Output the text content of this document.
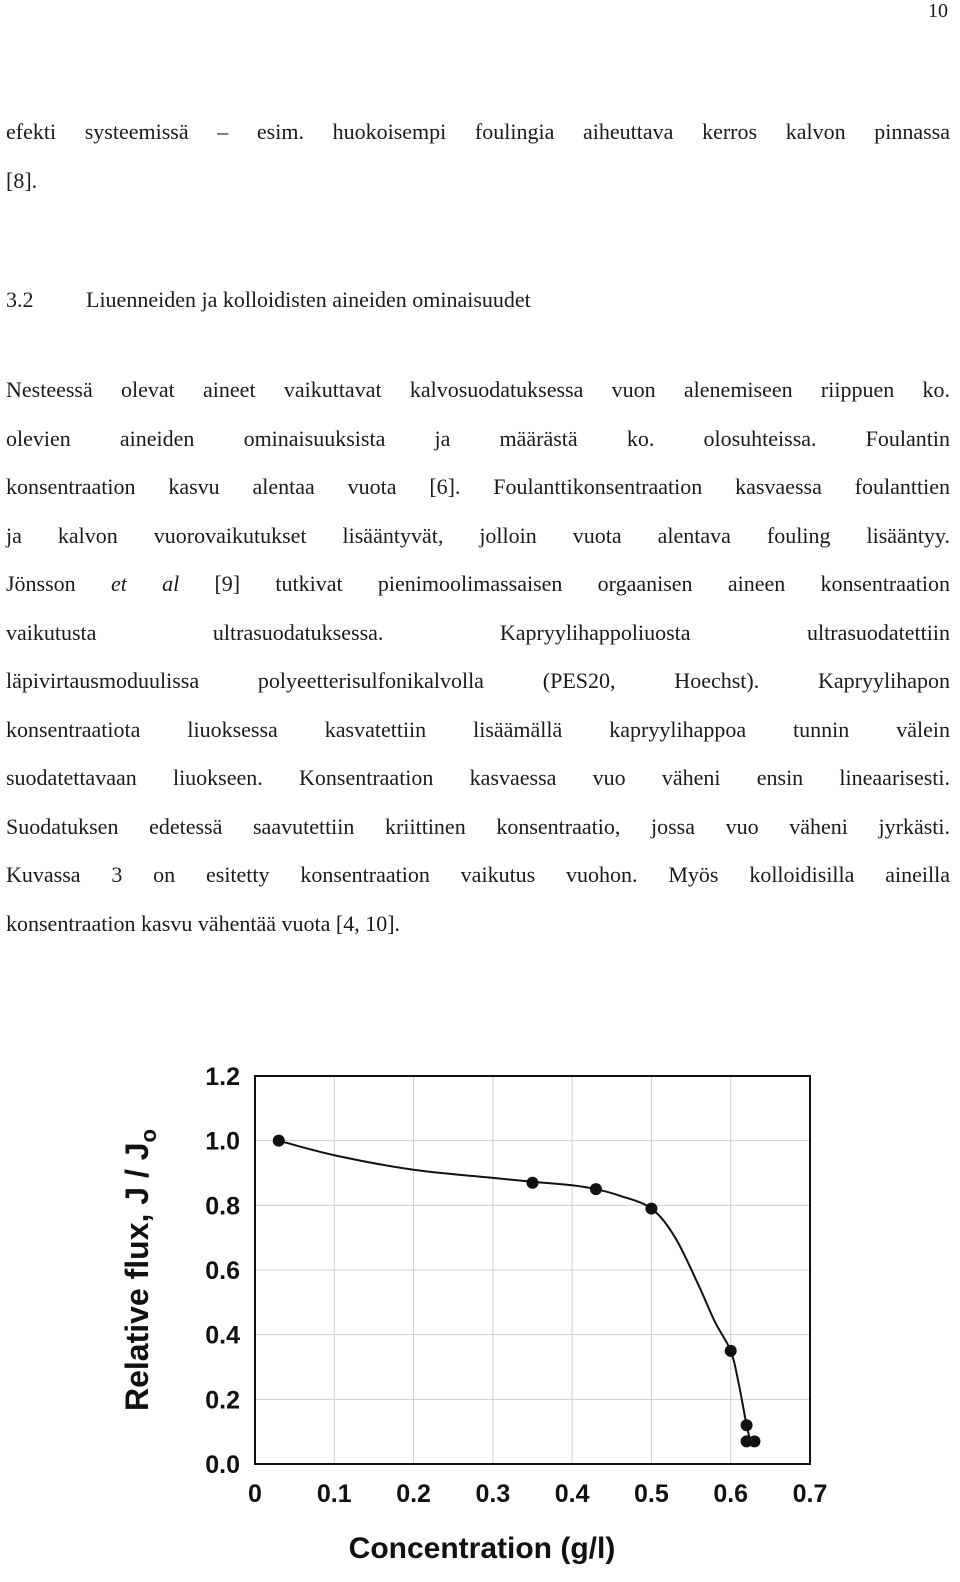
10
efekti systeemissä – esim. huokoisempi foulingia aiheuttava kerros kalvon pinnassa
[8].
3.2 Liuenneiden ja kolloidisten aineiden ominaisuudet
Nesteessä olevat aineet vaikuttavat kalvosuodatuksessa vuon alenemiseen riippuen ko.
olevien aineiden ominaisuuksista ja määrästä ko. olosuhteissa. Foulantin
konsentraation kasvu alentaa vuota [6]. Foulanttikonsentraation kasvaessa foulanttien
ja kalvon vuorovaikutukset lisääntyvät, jolloin vuota alentava fouling lisääntyy.
Jönsson et al [9] tutkivat pienimoolimassaisen orgaanisen aineen konsentraation
vaikutusta ultrasuodatuksessa. Kapryylihappoliuosta ultrasuodatettiin
läpivirtausmoduulissa polyeetterisulfonikalvolla (PES20, Hoechst). Kapryylihapon
konsentraatiota liuoksessa kasvatettiin lisäämällä kapryylihappoa tunnin välein
suodatettavaan liuokseen. Konsentraation kasvaessa vuo väheni ensin lineaarisesti.
Suodatuksen edetessä saavutettiin kriittinen konsentraatio, jossa vuo väheni jyrkästi.
Kuvassa 3 on esitetty konsentraation vaikutus vuohon. Myös kolloidisilla aineilla
konsentraation kasvu vähentää vuota [4, 10].
0.0
0.2
0.4
0.6
0.8
1.0
1.2
0 0.1 0.2 0.3 0.4 0.5 0.6 0.7
Concentration (g/l)
Relative flux, J / $J_o$
